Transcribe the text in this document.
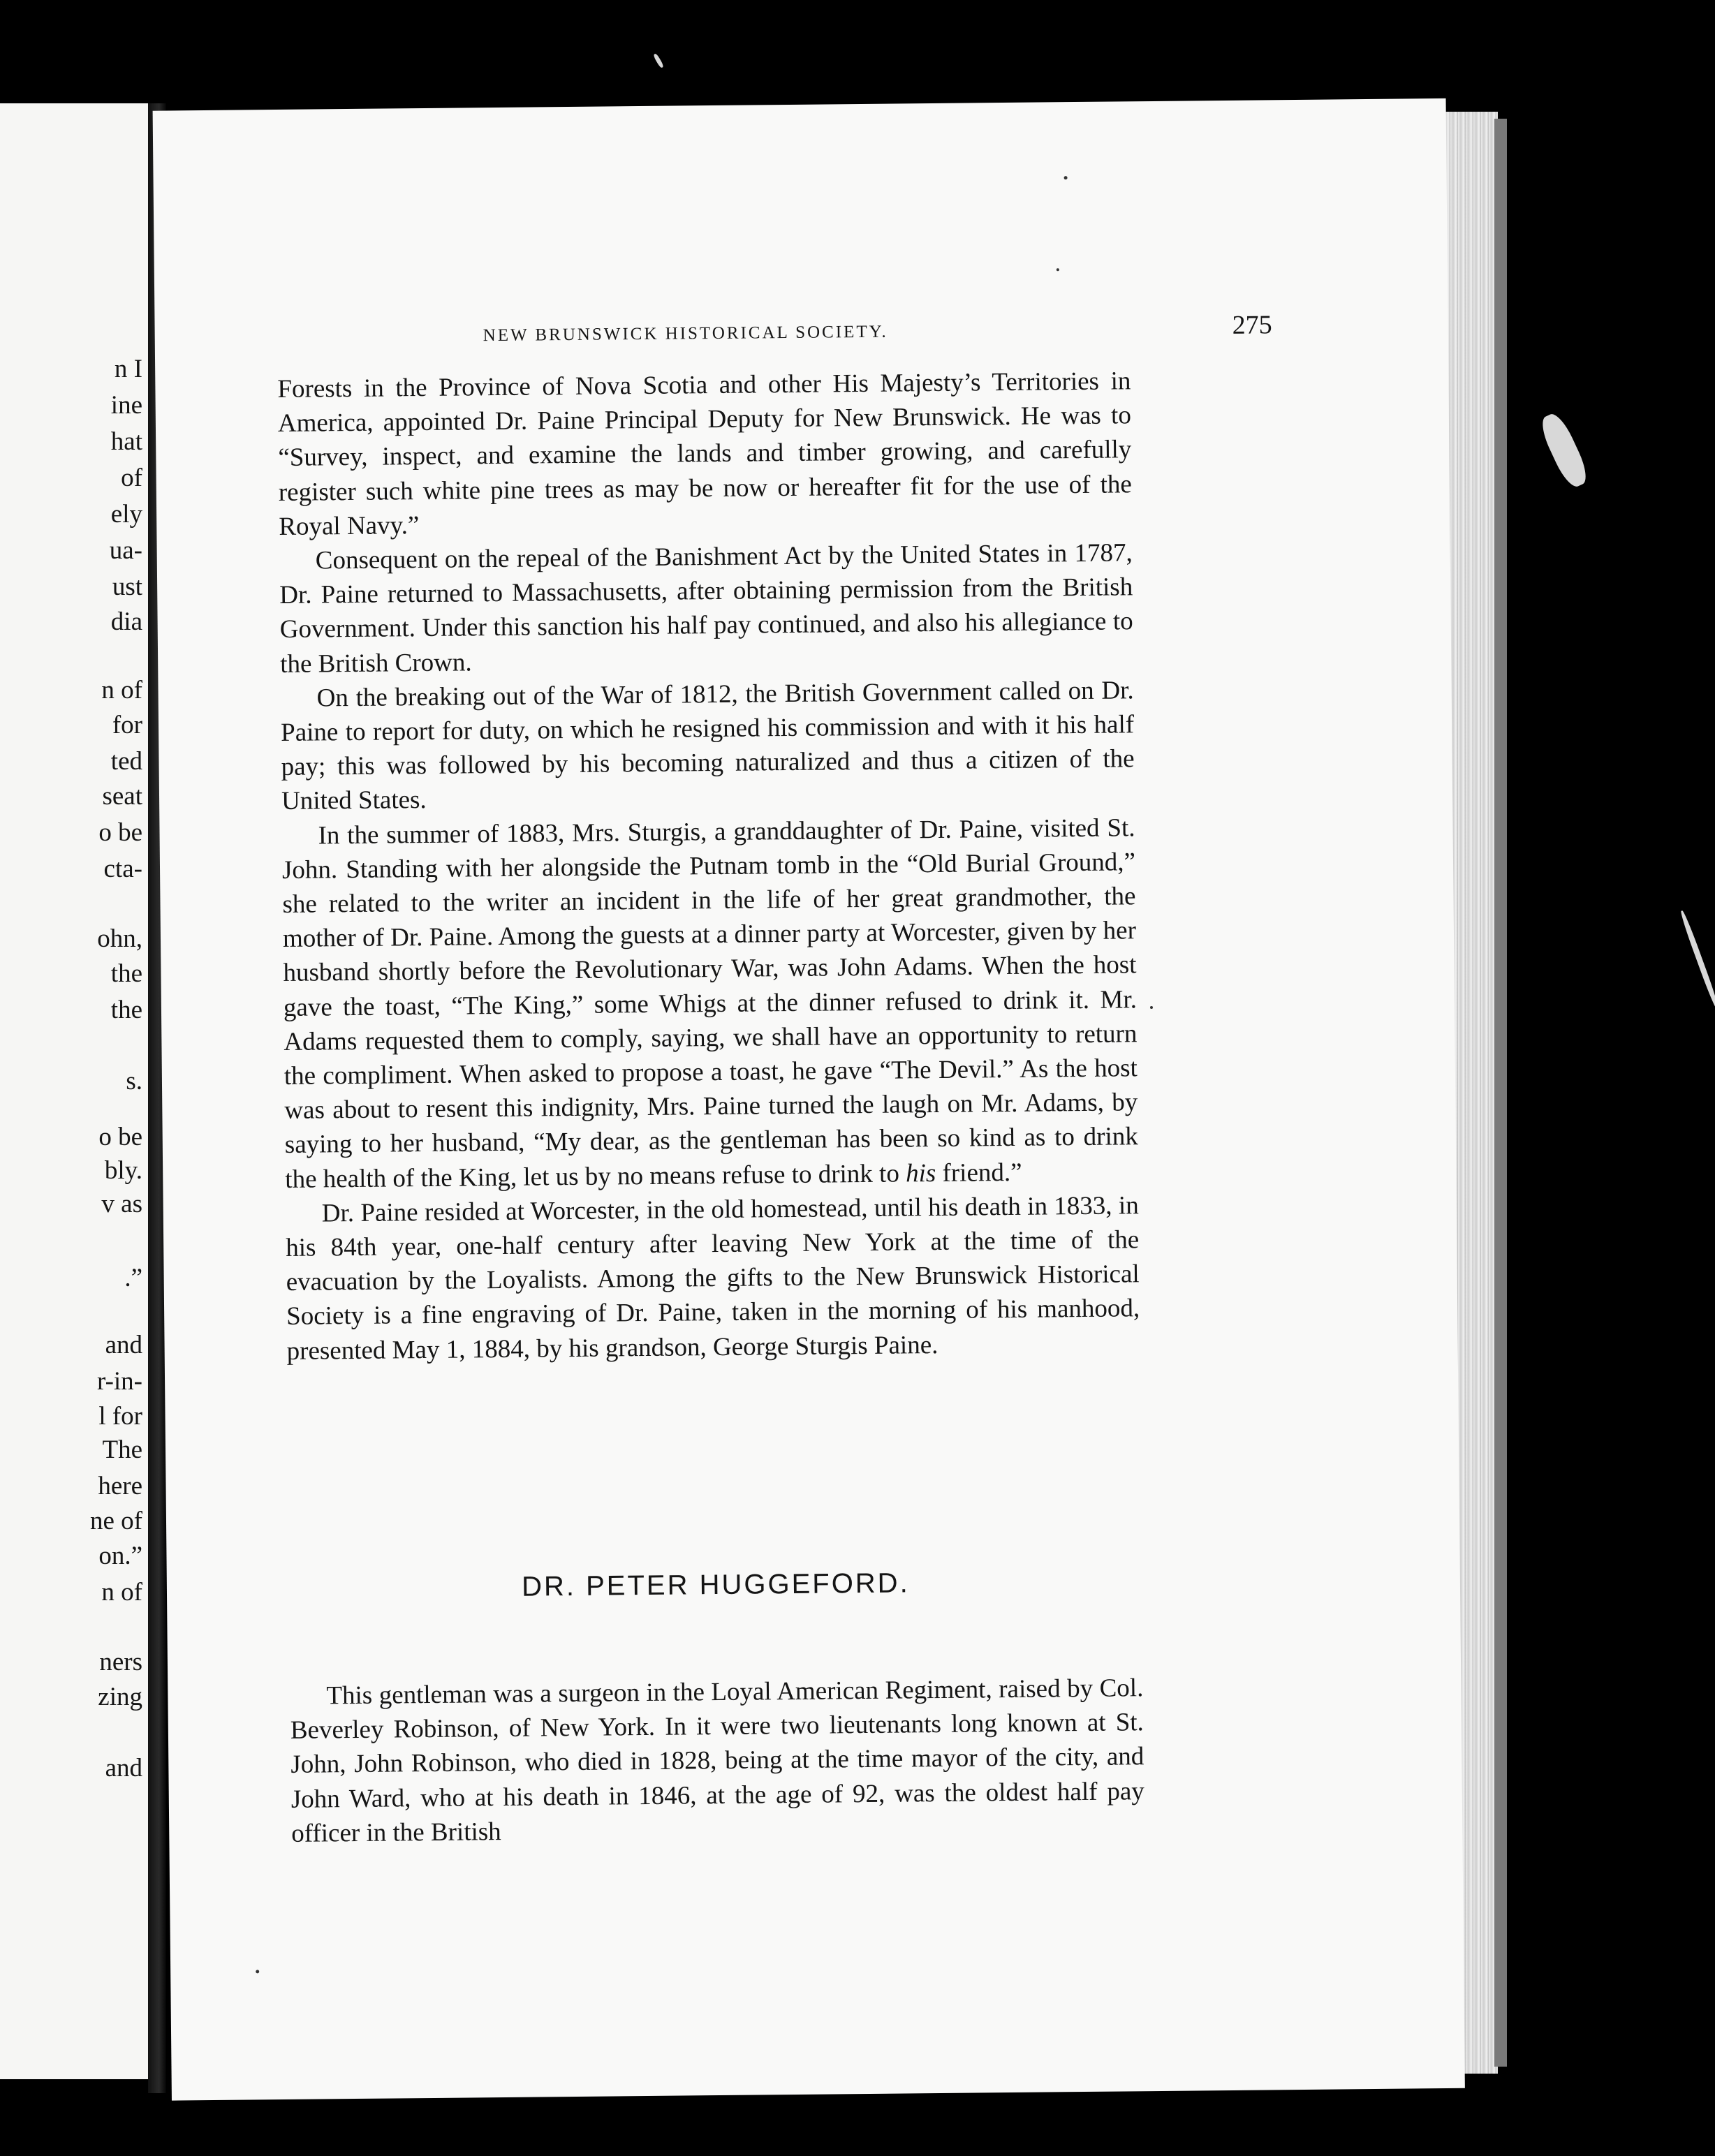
n I
ine
hat
of
ely
ua-
ust
dia
n of
for
ted
seat
o be
cta-
ohn,
the
the
s.
o be
bly.
v as
.”
and
r-in-
l for
The
here
ne of
on.”
n of
ners
zing
and
NEW BRUNSWICK HISTORICAL SOCIETY.	275

Forests in the Province of Nova Scotia and other His Majesty’s Territories in America, appointed Dr. Paine Principal Deputy for New Brunswick. He was to “Survey, inspect, and examine the lands and timber growing, and carefully register such white pine trees as may be now or hereafter fit for the use of the Royal Navy.”

Consequent on the repeal of the Banishment Act by the United States in 1787, Dr. Paine returned to Massachusetts, after obtaining permission from the British Government. Under this sanction his half pay continued, and also his allegiance to the British Crown.

On the breaking out of the War of 1812, the British Government called on Dr. Paine to report for duty, on which he resigned his commission and with it his half pay; this was followed by his becoming naturalized and thus a citizen of the United States.

In the summer of 1883, Mrs. Sturgis, a granddaughter of Dr. Paine, visited St. John. Standing with her alongside the Putnam tomb in the “Old Burial Ground,” she related to the writer an incident in the life of her great grandmother, the mother of Dr. Paine. Among the guests at a dinner party at Worcester, given by her husband shortly before the Revolutionary War, was John Adams. When the host gave the toast, “The King,” some Whigs at the dinner refused to drink it. Mr. Adams requested them to comply, saying, we shall have an opportunity to return the compliment. When asked to propose a toast, he gave “The Devil.” As the host was about to resent this indignity, Mrs. Paine turned the laugh on Mr. Adams, by saying to her husband, “My dear, as the gentleman has been so kind as to drink the health of the King, let us by no means refuse to drink to his friend.”

Dr. Paine resided at Worcester, in the old homestead, until his death in 1833, in his 84th year, one-half century after leaving New York at the time of the evacuation by the Loyalists. Among the gifts to the New Brunswick Historical Society is a fine engraving of Dr. Paine, taken in the morning of his manhood, presented May 1, 1884, by his grandson, George Sturgis Paine.

DR. PETER HUGGEFORD.

This gentleman was a surgeon in the Loyal American Regiment, raised by Col. Beverley Robinson, of New York. In it were two lieutenants long known at St. John, John Robinson, who died in 1828, being at the time mayor of the city, and John Ward, who at his death in 1846, at the age of 92, was the oldest half pay officer in the British
